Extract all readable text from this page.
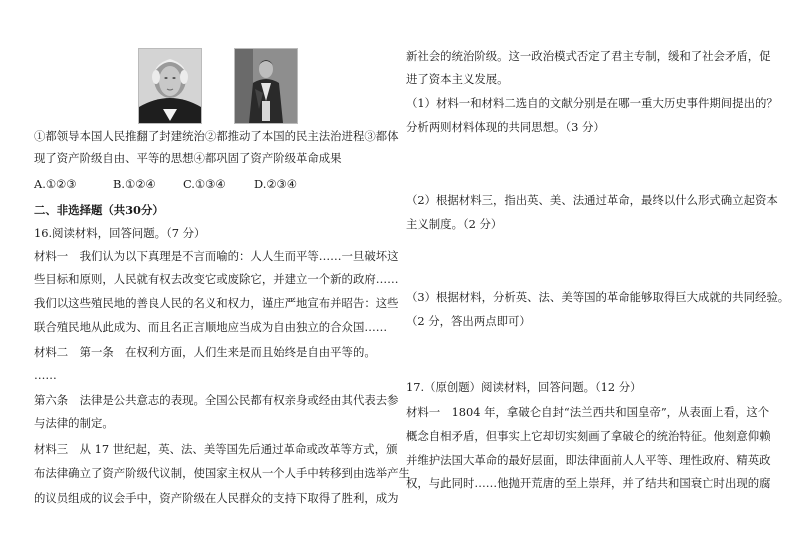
①都领导本国人民推翻了封建统治②都推动了本国的民主法治进程③都体
现了资产阶级自由、平等的思想④都巩固了资产阶级革命成果
A.①②③	B.①②④ C.①③④ D.②③④
二、非选择题（共30分）
16.阅读材料，回答问题。（7 分）
材料一　我们认为以下真理是不言而喻的：人人生而平等……一旦破坏这
些目标和原则，人民就有权去改变它或废除它，并建立一个新的政府……
我们以这些殖民地的善良人民的名义和权力，谨庄严地宣布并昭告：这些
联合殖民地从此成为、而且名正言顺地应当成为自由独立的合众国……
材料二　第一条　在权利方面，人们生来是而且始终是自由平等的。
……
第六条　法律是公共意志的表现。全国公民都有权亲身或经由其代表去参
与法律的制定。
材料三　从 17 世纪起，英、法、美等国先后通过革命或改革等方式，颁
布法律确立了资产阶级代议制，使国家主权从一个人手中转移到由选举产生
的议员组成的议会手中，资产阶级在人民群众的支持下取得了胜利，成为
新社会的统治阶级。这一政治模式否定了君主专制，缓和了社会矛盾，促
进了资本主义发展。
（1）材料一和材料二选自的文献分别是在哪一重大历史事件期间提出的？
分析两则材料体现的共同思想。（3 分）
（2）根据材料三，指出英、美、法通过革命，最终以什么形式确立起资本
主义制度。（2 分）
（3）根据材料，分析英、法、美等国的革命能够取得巨大成就的共同经验。
（2 分，答出两点即可）
17.（原创题）阅读材料，回答问题。（12 分）
材料一　1804 年，拿破仑自封“法兰西共和国皇帝”，从表面上看，这个
概念自相矛盾，但事实上它却切实刻画了拿破仑的统治特征。他刻意仰赖
并维护法国大革命的最好层面，即法律面前人人平等、理性政府、精英政
权，与此同时……他抛开荒唐的至上崇拜，并了结共和国衰亡时出现的腐
